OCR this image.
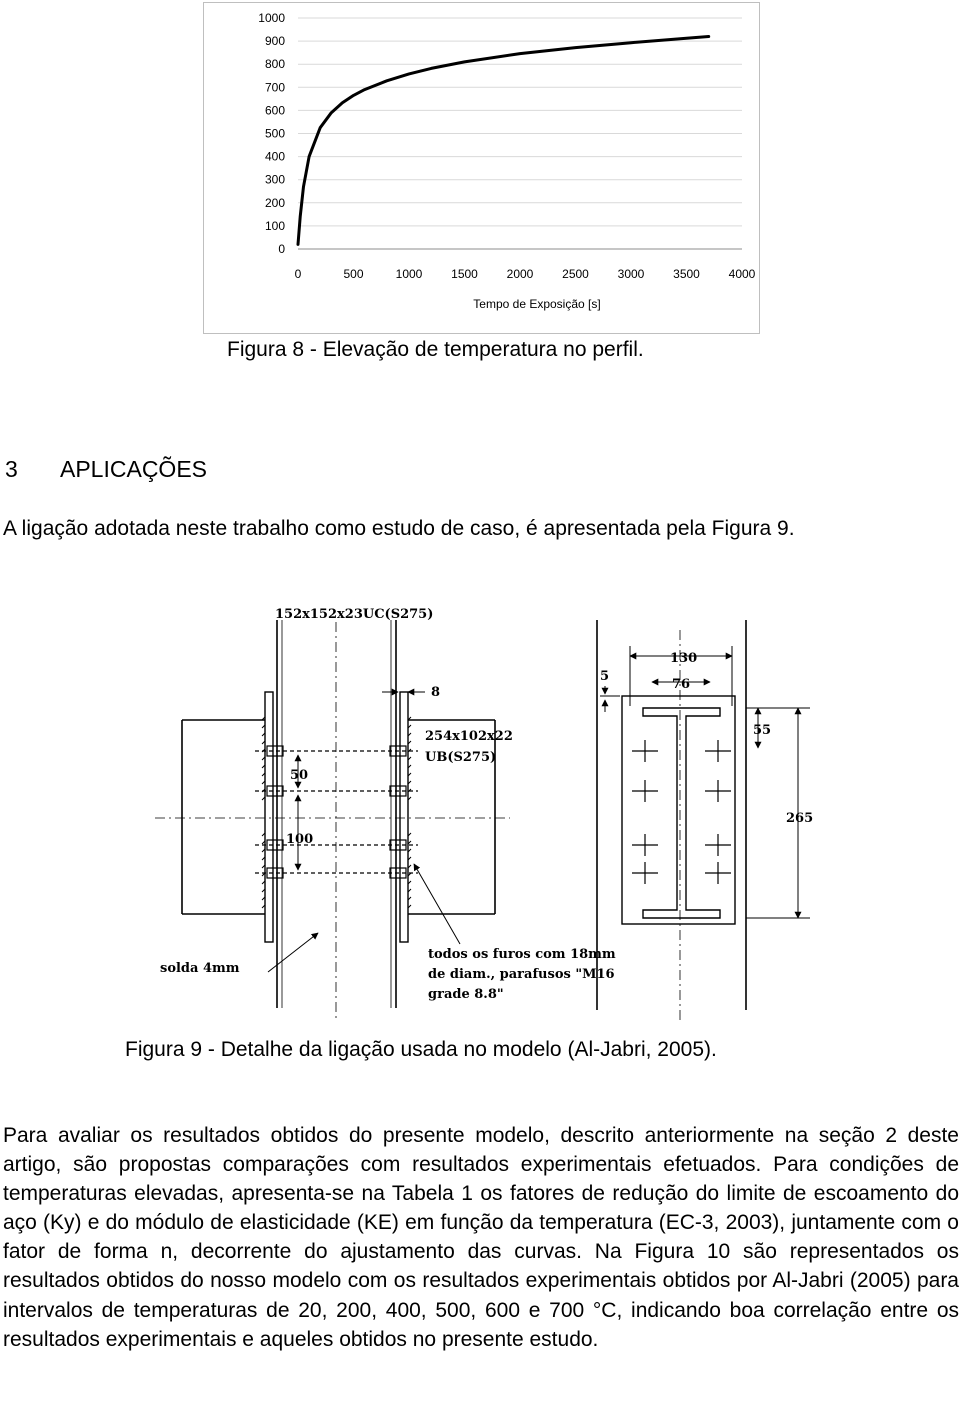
0
100
200
300
400
500
600
700
800
900
1000
0	500	1000 1500 2000 2500 3000 3500 4000
Tempo de Exposição [s]
Figura 8 - Elevação de temperatura no perfil.
3 APLICAÇÕES
A ligação adotada neste trabalho como estudo de caso, é apresentada pela Figura 9.
152x152x23UC(S275)
8
254x102x22
UB(S275)
50
100
solda 4mm
todos os furos com 18mm
de diam., parafusos "M16
grade 8.8"
130
76
5
55
265
Figura 9 - Detalhe da ligação usada no modelo (Al-Jabri, 2005).
Para avaliar os resultados obtidos do presente modelo, descrito anteriormente na seção 2 deste artigo, são propostas comparações com resultados experimentais efetuados. Para condições de temperaturas elevadas, apresenta-se na Tabela 1 os fatores de redução do limite de escoamento do aço (Ky) e do módulo de elasticidade (KE) em função da temperatura (EC-3, 2003), juntamente com o fator de forma n, decorrente do ajustamento das curvas. Na Figura 10 são representados os resultados obtidos do nosso modelo com os resultados experimentais obtidos por Al-Jabri (2005) para intervalos de temperaturas de 20, 200, 400, 500, 600 e 700 °C, indicando boa correlação entre os resultados experimentais e aqueles obtidos no presente estudo.
